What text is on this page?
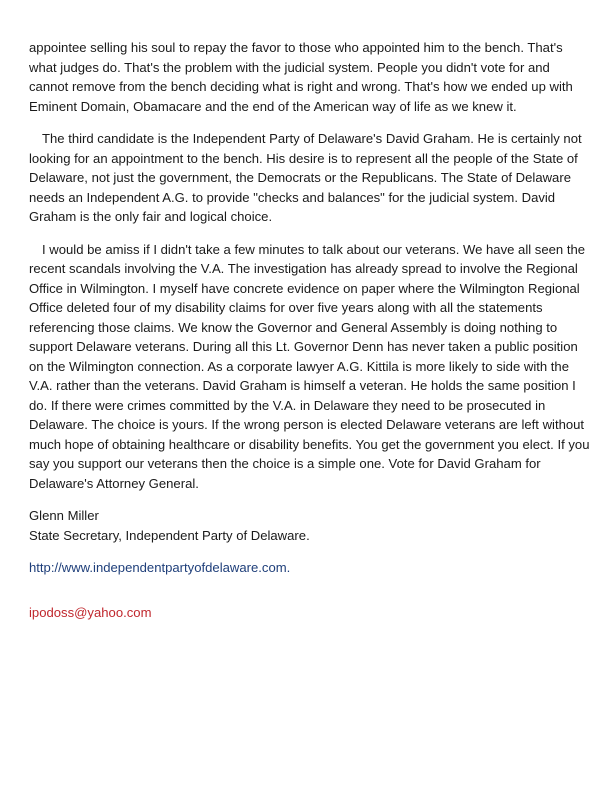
appointee selling his soul to repay the favor to those who appointed him to the bench. That's what judges do. That's the problem with the judicial system. People you didn't vote for and cannot remove from the bench deciding what is right and wrong. That's how we ended up with Eminent Domain, Obamacare and the end of the American way of life as we knew it.

The third candidate is the Independent Party of Delaware's David Graham. He is certainly not looking for an appointment to the bench. His desire is to represent all the people of the State of Delaware, not just the government, the Democrats or the Republicans. The State of Delaware needs an Independent A.G. to provide "checks and balances" for the judicial system. David Graham is the only fair and logical choice.

I would be amiss if I didn't take a few minutes to talk about our veterans. We have all seen the recent scandals involving the V.A. The investigation has already spread to involve the Regional Office in Wilmington. I myself have concrete evidence on paper where the Wilmington Regional Office deleted four of my disability claims for over five years along with all the statements referencing those claims. We know the Governor and General Assembly is doing nothing to support Delaware veterans. During all this Lt. Governor Denn has never taken a public position on the Wilmington connection. As a corporate lawyer A.G. Kittila is more likely to side with the V.A. rather than the veterans. David Graham is himself a veteran. He holds the same position I do. If there were crimes committed by the V.A. in Delaware they need to be prosecuted in Delaware. The choice is yours. If the wrong person is elected Delaware veterans are left without much hope of obtaining healthcare or disability benefits. You get the government you elect. If you say you support our veterans then the choice is a simple one. Vote for David Graham for Delaware's Attorney General.

Glenn Miller
State Secretary, Independent Party of Delaware.

http://www.independentpartyofdelaware.com.

ipodoss@yahoo.com
